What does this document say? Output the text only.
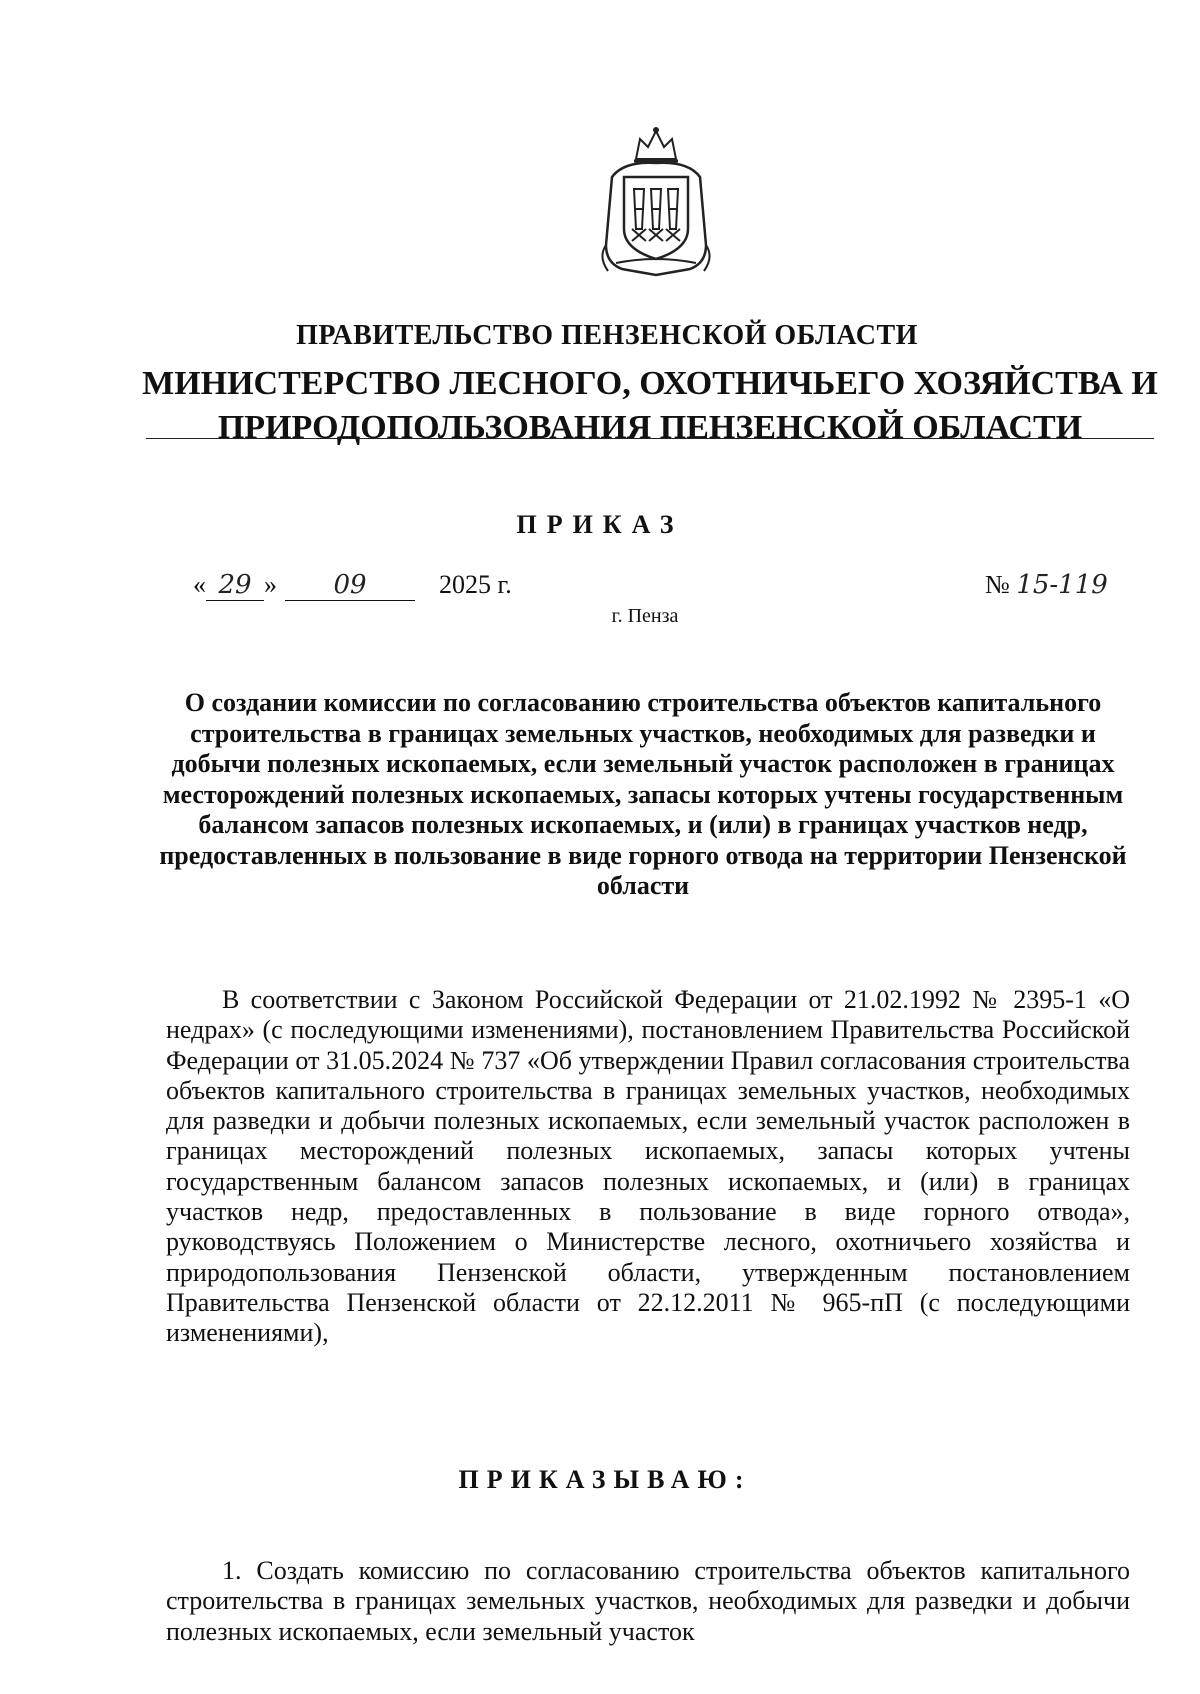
ПРАВИТЕЛЬСТВО ПЕНЗЕНСКОЙ ОБЛАСТИ
МИНИСТЕРСТВО ЛЕСНОГО, ОХОТНИЧЬЕГО ХОЗЯЙСТВА И ПРИРОДОПОЛЬЗОВАНИЯ ПЕНЗЕНСКОЙ ОБЛАСТИ
ПРИКАЗ
« 29 » 09	2025 г.	№ 15-119
г. Пенза
О создании комиссии по согласованию строительства объектов капитального строительства в границах земельных участков, необходимых для разведки и добычи полезных ископаемых, если земельный участок расположен в границах месторождений полезных ископаемых, запасы которых учтены государственным балансом запасов полезных ископаемых, и (или) в границах участков недр, предоставленных в пользование в виде горного отвода на территории Пензенской области
В соответствии с Законом Российской Федерации от 21.02.1992 № 2395-1 «О недрах» (с последующими изменениями), постановлением Правительства Российской Федерации от 31.05.2024 № 737 «Об утверждении Правил согласования строительства объектов капитального строительства в границах земельных участков, необходимых для разведки и добычи полезных ископаемых, если земельный участок расположен в границах месторождений полезных ископаемых, запасы которых учтены государственным балансом запасов полезных ископаемых, и (или) в границах участков недр, предоставленных в пользование в виде горного отвода», руководствуясь Положением о Министерстве лесного, охотничьего хозяйства и природопользования Пензенской области, утвержденным постановлением Правительства Пензенской области от 22.12.2011 № 965-пП (с последующими изменениями),
ПРИКАЗЫВАЮ:
1. Создать комиссию по согласованию строительства объектов капитального строительства в границах земельных участков, необходимых для разведки и добычи полезных ископаемых, если земельный участок
